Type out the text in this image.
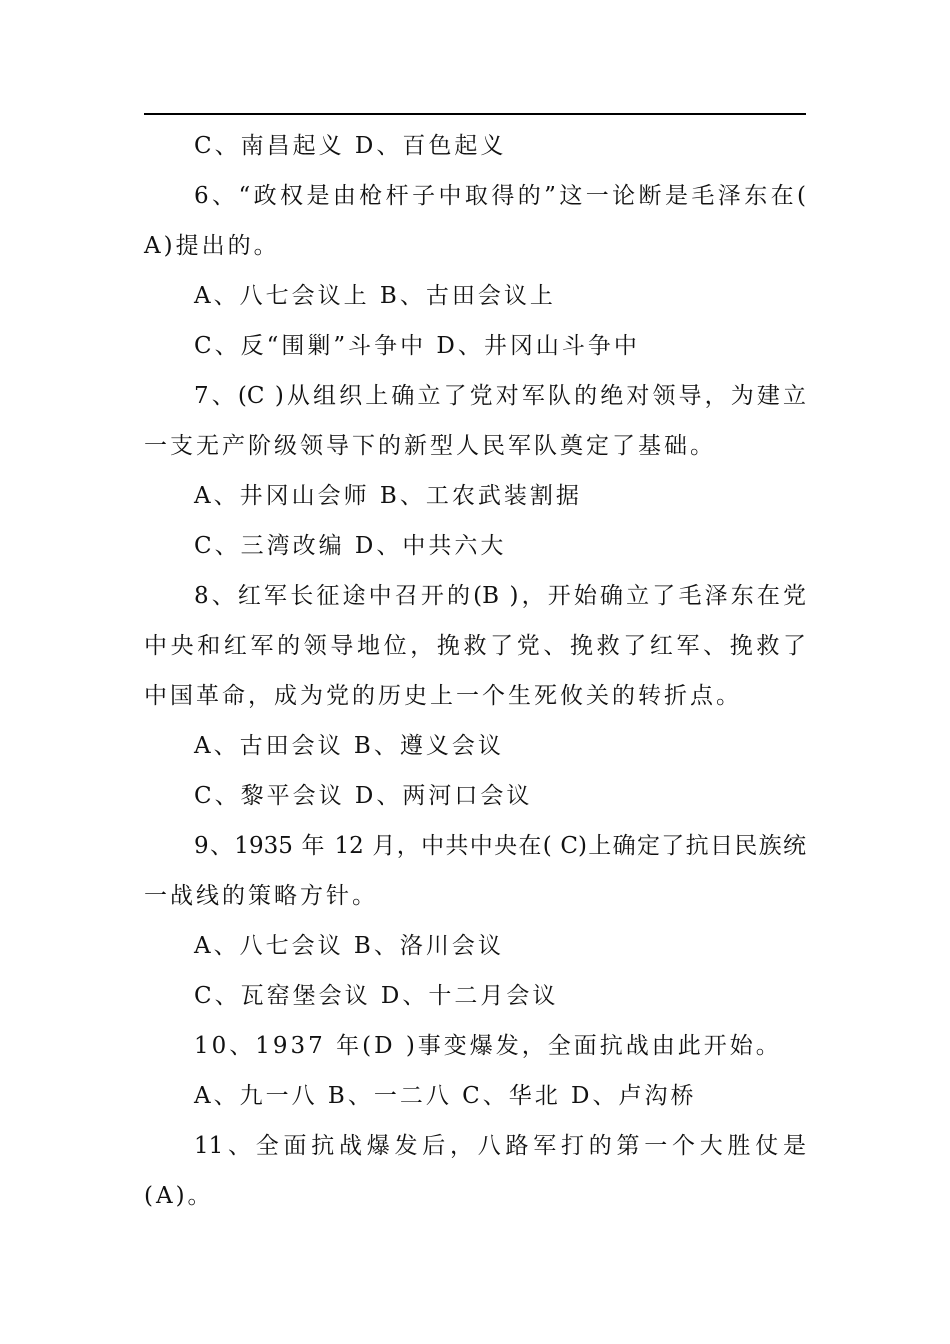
C、南昌起义 D、百色起义
6、“政权是由枪杆子中取得的”这一论断是毛泽东在(
A)提出的。
A、八七会议上 B、古田会议上
C、反“围剿”斗争中 D、井冈山斗争中
7、(C )从组织上确立了党对军队的绝对领导，为建立
一支无产阶级领导下的新型人民军队奠定了基础。
A、井冈山会师 B、工农武装割据
C、三湾改编 D、中共六大
8、红军长征途中召开的(B )，开始确立了毛泽东在党
中央和红军的领导地位，挽救了党、挽救了红军、挽救了
中国革命，成为党的历史上一个生死攸关的转折点。
A、古田会议 B、遵义会议
C、黎平会议 D、两河口会议
9、1935 年 12 月，中共中央在( C)上确定了抗日民族统
一战线的策略方针。
A、八七会议 B、洛川会议
C、瓦窑堡会议 D、十二月会议
10、1937 年(D )事变爆发，全面抗战由此开始。
A、九一八 B、一二八 C、华北 D、卢沟桥
11、全面抗战爆发后，八路军打的第一个大胜仗是
(A)。
